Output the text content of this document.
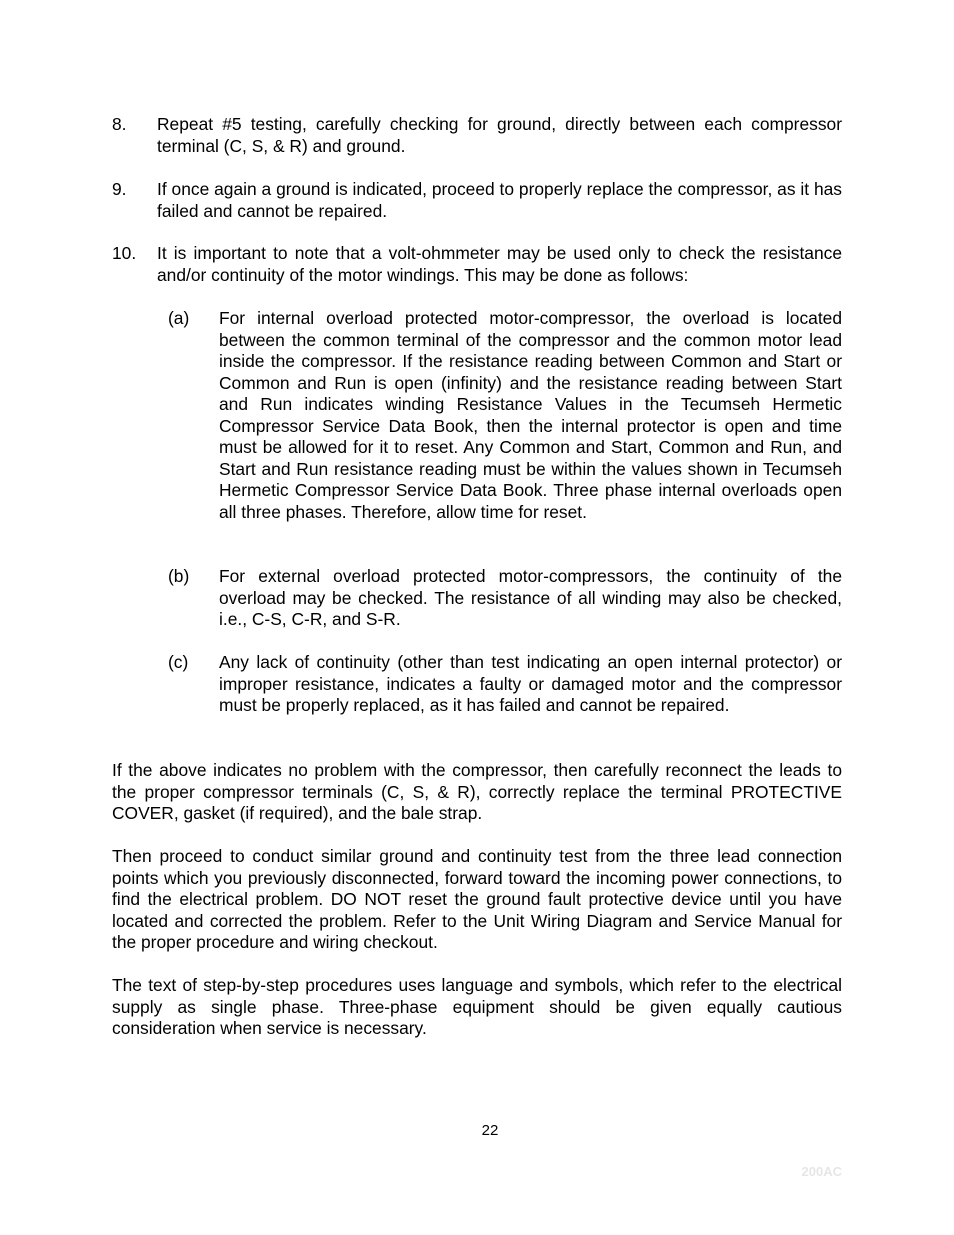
8. Repeat #5 testing, carefully checking for ground, directly between each compressor terminal (C, S, & R) and ground.
9. If once again a ground is indicated, proceed to properly replace the compressor, as it has failed and cannot be repaired.
10. It is important to note that a volt-ohmmeter may be used only to check the resistance and/or continuity of the motor windings. This may be done as follows:
(a) For internal overload protected motor-compressor, the overload is located between the common terminal of the compressor and the common motor lead inside the compressor. If the resistance reading between Common and Start or Common and Run is open (infinity) and the resistance reading between Start and Run indicates winding Resistance Values in the Tecumseh Hermetic Compressor Service Data Book, then the internal protector is open and time must be allowed for it to reset. Any Common and Start, Common and Run, and Start and Run resistance reading must be within the values shown in Tecumseh Hermetic Compressor Service Data Book. Three phase internal overloads open all three phases. Therefore, allow time for reset.
(b) For external overload protected motor-compressors, the continuity of the overload may be checked. The resistance of all winding may also be checked, i.e., C-S, C-R, and S-R.
(c) Any lack of continuity (other than test indicating an open internal protector) or improper resistance, indicates a faulty or damaged motor and the compressor must be properly replaced, as it has failed and cannot be repaired.
If the above indicates no problem with the compressor, then carefully reconnect the leads to the proper compressor terminals (C, S, & R), correctly replace the terminal PROTECTIVE COVER, gasket (if required), and the bale strap.
Then proceed to conduct similar ground and continuity test from the three lead connection points which you previously disconnected, forward toward the incoming power connections, to find the electrical problem. DO NOT reset the ground fault protective device until you have located and corrected the problem. Refer to the Unit Wiring Diagram and Service Manual for the proper procedure and wiring checkout.
The text of step-by-step procedures uses language and symbols, which refer to the electrical supply as single phase. Three-phase equipment should be given equally cautious consideration when service is necessary.
22
200AC
